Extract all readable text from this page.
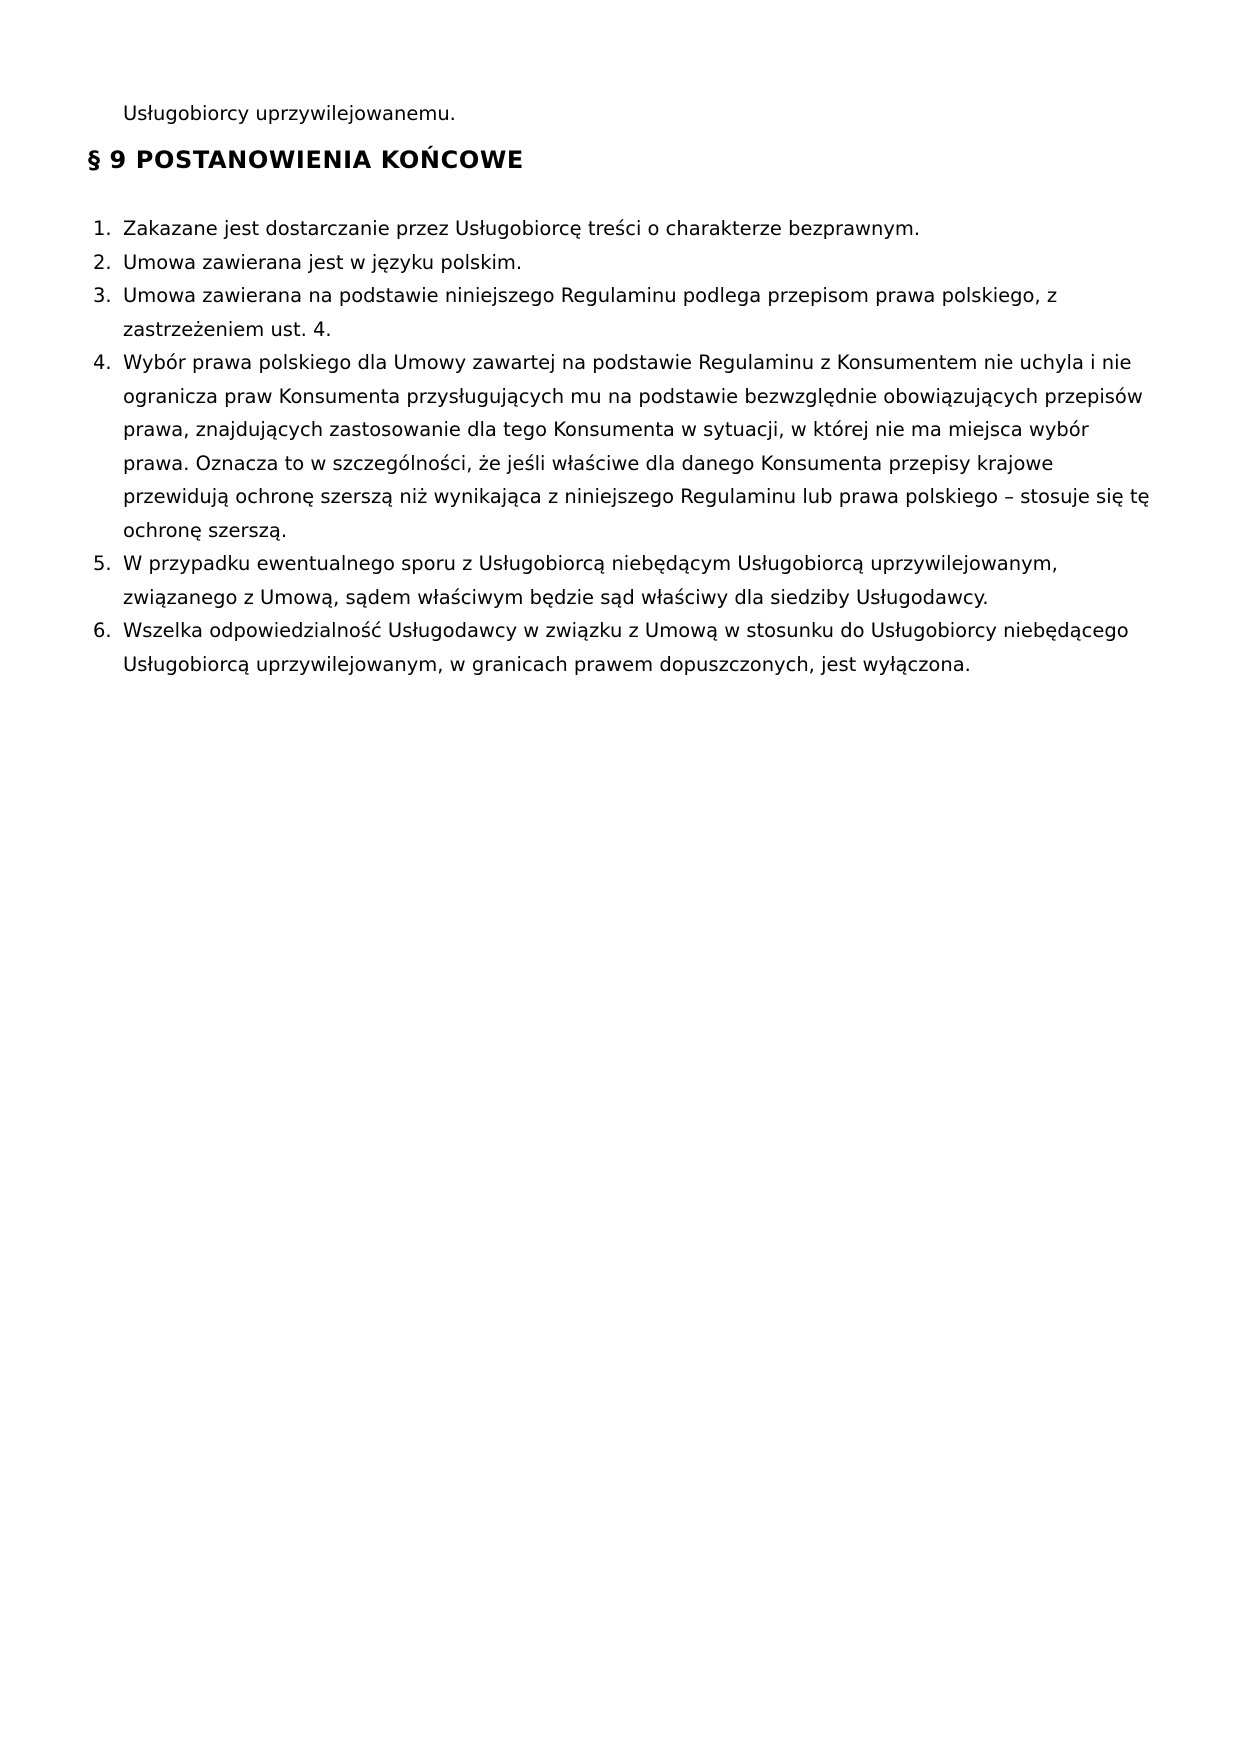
Usługobiorcy uprzywilejowanemu.

§ 9 POSTANOWIENIA KOŃCOWE
1. Zakazane jest dostarczanie przez Usługobiorcę treści o charakterze bezprawnym.
2. Umowa zawierana jest w języku polskim.
3. Umowa zawierana na podstawie niniejszego Regulaminu podlega przepisom prawa polskiego, z zastrzeżeniem ust. 4.
4. Wybór prawa polskiego dla Umowy zawartej na podstawie Regulaminu z Konsumentem nie uchyla i nie ogranicza praw Konsumenta przysługujących mu na podstawie bezwzględnie obowiązujących przepisów prawa, znajdujących zastosowanie dla tego Konsumenta w sytuacji, w której nie ma miejsca wybór prawa. Oznacza to w szczególności, że jeśli właściwe dla danego Konsumenta przepisy krajowe przewidują ochronę szerszą niż wynikająca z niniejszego Regulaminu lub prawa polskiego – stosuje się tę ochronę szerszą.
5. W przypadku ewentualnego sporu z Usługobiorcą niebędącym Usługobiorcą uprzywilejowanym, związanego z Umową, sądem właściwym będzie sąd właściwy dla siedziby Usługodawcy.
6. Wszelka odpowiedzialność Usługodawcy w związku z Umową w stosunku do Usługobiorcy niebędącego Usługobiorcą uprzywilejowanym, w granicach prawem dopuszczonych, jest wyłączona.
